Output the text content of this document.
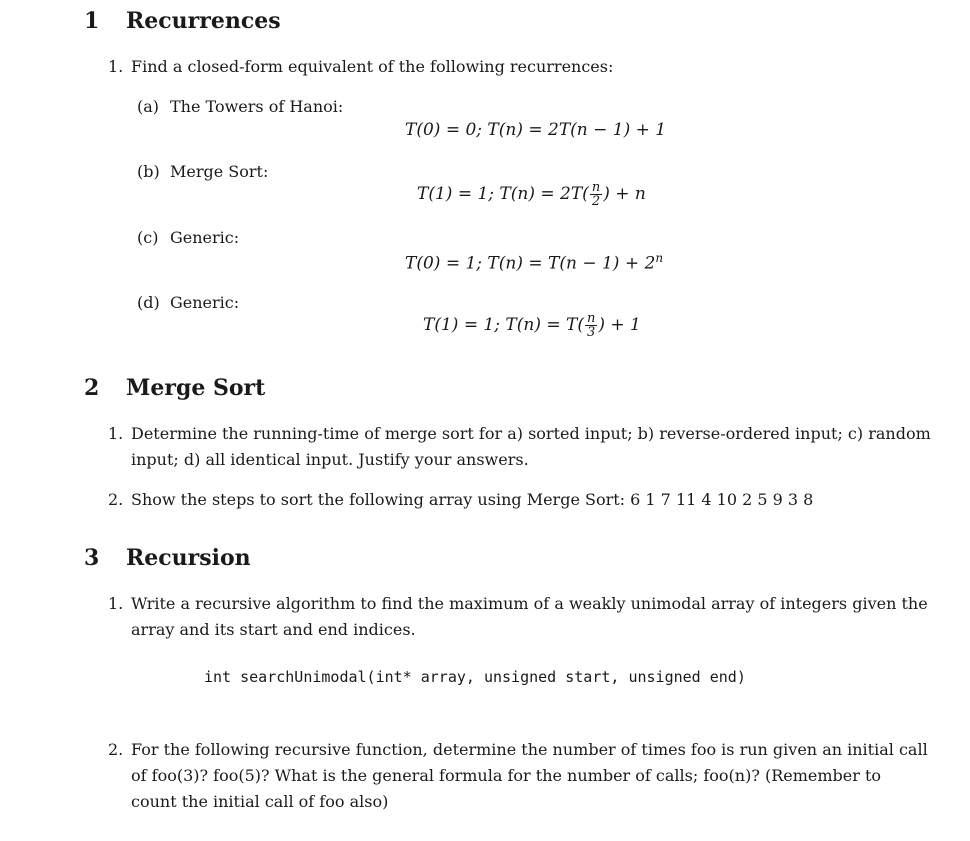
1 Recurrences
1. Find a closed-form equivalent of the following recurrences:
(a) The Towers of Hanoi:
T(0) = 0; T(n) = 2T(n − 1) + 1
(b) Merge Sort:
T(1) = 1; $T(n) = 2T( \frac{n}{2}$ ) + n
(c) Generic:
T(0) = 1; $T(n) = T(n - 1) + 2^n$
(d) Generic:
T(1) = 1; $T(n) = T( \frac{n}{3}$ ) + 1
2 Merge Sort
1. Determine the running-time of merge sort for a) sorted input; b) reverse-ordered input; c) random
input; d) all identical input. Justify your answers.
2. Show the steps to sort the following array using Merge Sort: 6 1 7 11 4 10 2 5 9 3 8
3 Recursion
1. Write a recursive algorithm to find the maximum of a weakly unimodal array of integers given the
array and its start and end indices.
int searchUnimodal(int* array, unsigned start, unsigned end)
2. For the following recursive function, determine the number of times foo is run given an initial call
of foo(3)? foo(5)? What is the general formula for the number of calls; foo(n)? (Remember to
count the initial call of foo also)
